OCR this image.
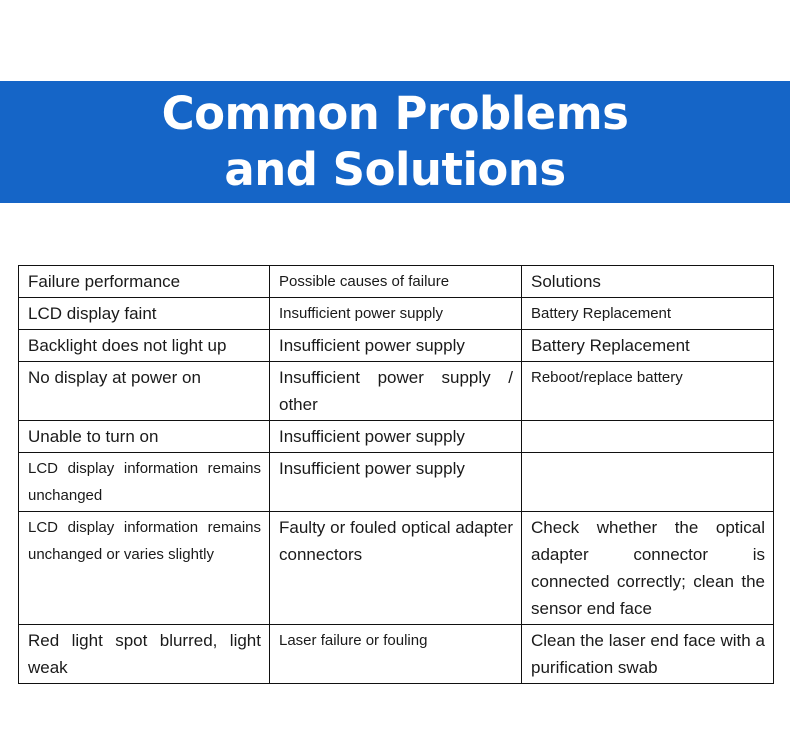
Common Problems
and Solutions
Failure performance	Possible causes of failure	Solutions
LCD display faint	Insufficient power supply	Battery Replacement
Backlight does not light up	Insufficient power supply	Battery Replacement
No display at power on	Insufficient power supply / other	Reboot/replace battery
Unable to turn on	Insufficient power supply	
LCD display information remains unchanged	Insufficient power supply	
LCD display information remains unchanged or varies slightly	Faulty or fouled optical adapter connectors	Check whether the optical adapter connector is connected correctly; clean the sensor end face
Red light spot blurred, light weak	Laser failure or fouling	Clean the laser end face with a purification swab
